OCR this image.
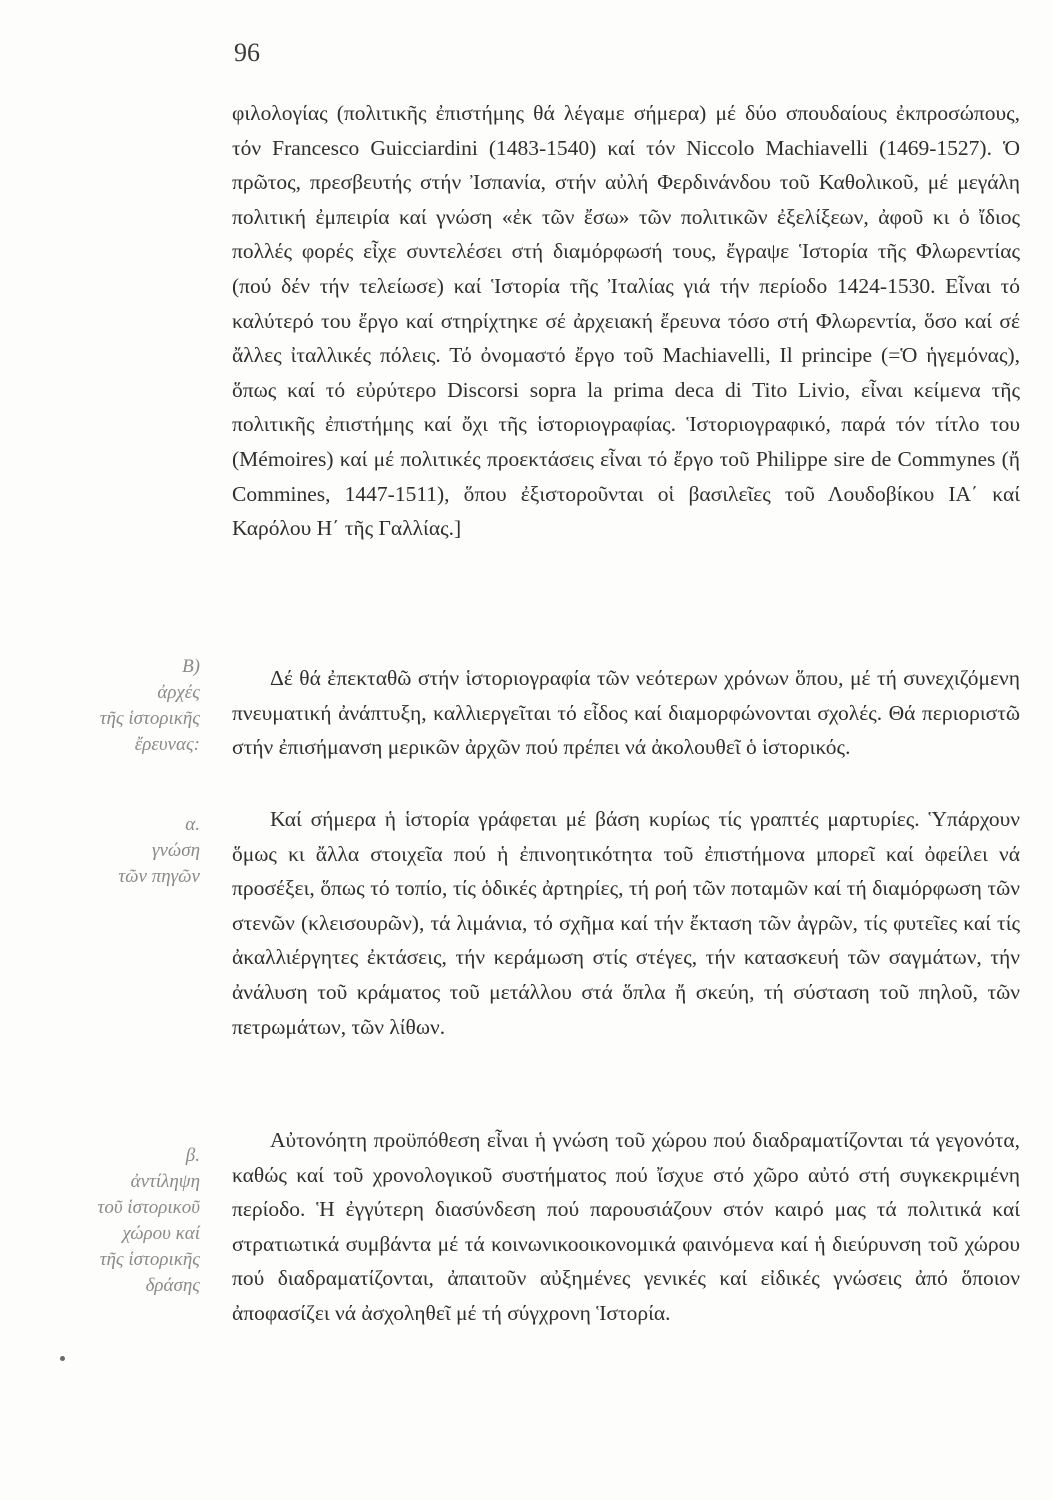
96

φιλολογίας (πολιτικῆς ἐπιστήμης θά λέγαμε σήμερα) μέ δύο σπουδαίους ἐκπροσώπους, τόν Francesco Guicciardini (1483-1540) καί τόν Niccolo Machiavelli (1469-1527). Ὁ πρῶτος, πρεσβευτής στήν Ἰσπανία, στήν αὐλή Φερδινάνδου τοῦ Καθολικοῦ, μέ μεγάλη πολιτική ἐμπειρία καί γνώση «ἐκ τῶν ἔσω» τῶν πολιτικῶν ἐξελίξεων, ἀφοῦ κι ὁ ἴδιος πολλές φορές εἶχε συντελέσει στή διαμόρφωσή τους, ἔγραψε Ἱστορία τῆς Φλωρεντίας (πού δέν τήν τελείωσε) καί Ἱστορία τῆς Ἰταλίας γιά τήν περίοδο 1424-1530. Εἶναι τό καλύτερό του ἔργο καί στηρίχτηκε σέ ἀρχειακή ἔρευνα τόσο στή Φλωρεντία, ὅσο καί σέ ἄλλες ἰταλλικές πόλεις. Τό ὀνομαστό ἔργο τοῦ Machiavelli, Il principe (=Ὁ ἡγεμόνας), ὅπως καί τό εὐρύτερο Discorsi sopra la prima deca di Tito Livio, εἶναι κείμενα τῆς πολιτικῆς ἐπιστήμης καί ὄχι τῆς ἱστοριογραφίας. Ἱστοριογραφικό, παρά τόν τίτλο του (Mémoires) καί μέ πολιτικές προεκτάσεις εἶναι τό ἔργο τοῦ Philippe sire de Commynes (ἤ Commines, 1447-1511), ὅπου ἐξιστοροῦνται οἱ βασιλεῖες τοῦ Λουδοβίκου ΙΑ΄ καί Καρόλου Η΄ τῆς Γαλλίας.]

Δέ θά ἐπεκταθῶ στήν ἱστοριογραφία τῶν νεότερων χρόνων ὅπου, μέ τή συνεχιζόμενη πνευματική ἀνάπτυξη, καλλιεργεῖται τό εἶδος καί διαμορφώνονται σχολές. Θά περιοριστῶ στήν ἐπισήμανση μερικῶν ἀρχῶν πού πρέπει νά ἀκολουθεῖ ὁ ἱστορικός.

Καί σήμερα ἡ ἱστορία γράφεται μέ βάση κυρίως τίς γραπτές μαρτυρίες. Ὑπάρχουν ὅμως κι ἄλλα στοιχεῖα πού ἡ ἐπινοητικότητα τοῦ ἐπιστήμονα μπορεῖ καί ὀφείλει νά προσέξει, ὅπως τό τοπίο, τίς ὁδικές ἀρτηρίες, τή ροή τῶν ποταμῶν καί τή διαμόρφωση τῶν στενῶν (κλεισουρῶν), τά λιμάνια, τό σχῆμα καί τήν ἔκταση τῶν ἀγρῶν, τίς φυτεῖες καί τίς ἀκαλλιέργητες ἐκτάσεις, τήν κεράμωση στίς στέγες, τήν κατασκευή τῶν σαγμάτων, τήν ἀνάλυση τοῦ κράματος τοῦ μετάλλου στά ὅπλα ἤ σκεύη, τή σύσταση τοῦ πηλοῦ, τῶν πετρωμάτων, τῶν λίθων.

Αὐτονόητη προϋπόθεση εἶναι ἡ γνώση τοῦ χώρου πού διαδραματίζονται τά γεγονότα, καθώς καί τοῦ χρονολογικοῦ συστήματος πού ἴσχυε στό χῶρο αὐτό στή συγκεκριμένη περίοδο. Ἡ ἐγγύτερη διασύνδεση πού παρουσιάζουν στόν καιρό μας τά πολιτικά καί στρατιωτικά συμβάντα μέ τά κοινωνικοοικονομικά φαινόμενα καί ἡ διεύρυνση τοῦ χώρου πού διαδραματίζονται, ἀπαιτοῦν αὐξημένες γενικές καί εἰδικές γνώσεις ἀπό ὅποιον ἀποφασίζει νά ἀσχοληθεῖ μέ τή σύγχρονη Ἱστορία.

B)
ἀρχές
τῆς ἱστορικῆς
ἔρευνας:
α.
γνώση
τῶν πηγῶν
β.
ἀντίληψη
τοῦ ἱστορικοῦ
χώρου καί
τῆς ἱστορικῆς
δράσης
